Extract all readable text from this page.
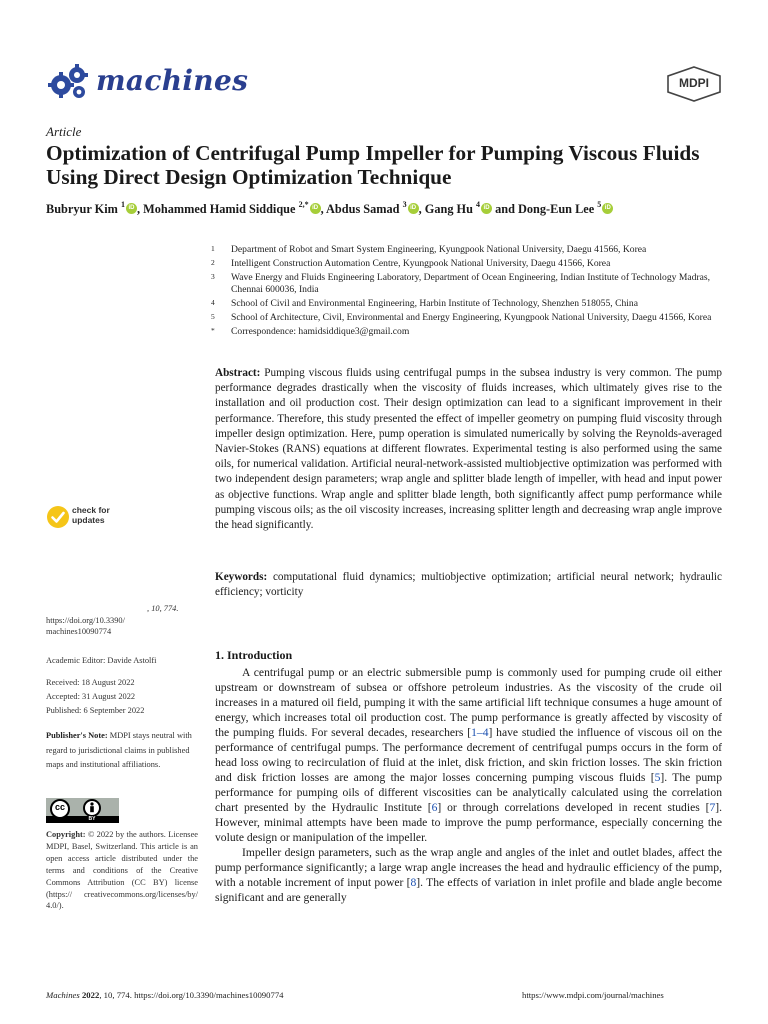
machines	MDPI
Article
Optimization of Centrifugal Pump Impeller for Pumping Viscous Fluids Using Direct Design Optimization Technique
Bubryur Kim $^1$ iD , Mohammed Hamid Siddique $^{2,*}$ iD , Abdus Samad $^3$ iD , Gang Hu $^4$iD and Dong-Eun Lee $^5$iD
1	Department of Robot and Smart System Engineering, Kyungpook National University, Daegu 41566, Korea
2	Intelligent Construction Automation Centre, Kyungpook National University, Daegu 41566, Korea
3	Wave Energy and Fluids Engineering Laboratory, Department of Ocean Engineering, Indian Institute of Technology Madras, Chennai 600036, India
4	School of Civil and Environmental Engineering, Harbin Institute of Technology, Shenzhen 518055, China
5	School of Architecture, Civil, Environmental and Energy Engineering, Kyungpook National University, Daegu 41566, Korea
*	Correspondence: hamidsiddique3@gmail.com
Abstract: Pumping viscous fluids using centrifugal pumps in the subsea industry is very common. The pump performance degrades drastically when the viscosity of fluids increases, which ultimately gives rise to the installation and oil production cost. Their design optimization can lead to a significant improvement in their performance. Therefore, this study presented the effect of impeller geometry on pumping fluid viscosity through impeller design optimization. Here, pump operation is simulated numerically by solving the Reynolds-averaged Navier-Stokes (RANS) equations at different flowrates. Experimental testing is also performed using the same oils, for numerical validation. Artificial neural-network-assisted multiobjective optimization was performed with two independent design parameters; wrap angle and splitter blade length of impeller, with head and input power as objective functions. Wrap angle and splitter blade length, both significantly affect pump performance while pumping viscous oils; as the oil viscosity increases, increasing splitter length and decreasing wrap angle improve the head significantly.
Keywords: computational fluid dynamics; multiobjective optimization; artificial neural network; hydraulic efficiency; vorticity
check for
updates
, 10, 774.
https://doi.org/10.3390/
machines10090774
Academic Editor: Davide Astolfi
Received: 18 August 2022
Accepted: 31 August 2022
Published: 6 September 2022
Publisher's Note: MDPI stays neutral with regard to jurisdictional claims in published maps and institutional affiliations.
cc
BY
Copyright: © 2022 by the authors. Licensee MDPI, Basel, Switzerland. This article is an open access article distributed under the terms and conditions of the Creative Commons Attribution (CC BY) license (https:// creativecommons.org/licenses/by/ 4.0/).
1. Introduction

A centrifugal pump or an electric submersible pump is commonly used for pumping crude oil either upstream or downstream of subsea or offshore petroleum industries. As the viscosity of the crude oil increases in a matured oil field, pumping it with the same artificial lift technique consumes a huge amount of energy, which increases total oil production cost. The pump performance is greatly affected by viscosity of the pumping fluids. For several decades, researchers [1–4] have studied the influence of viscous oil on the performance of centrifugal pumps. The performance decrement of centrifugal pumps occurs in the form of head loss owing to recirculation of fluid at the inlet, disk friction, and skin friction losses. The skin friction and disk friction losses are among the major losses concerning pumping viscous fluids [5]. The pump performance for pumping oils of different viscosities can be analytically calculated using the correlation chart presented by the Hydraulic Institute [6] or through correlations developed in recent studies [7]. However, minimal attempts have been made to improve the pump performance, especially concerning the volute design or manipulation of the impeller.

Impeller design parameters, such as the wrap angle and angles of the inlet and outlet blades, affect the pump performance significantly; a large wrap angle increases the head and hydraulic efficiency of the pump, with a notable increment of input power [8]. The effects of variation in inlet profile and blade angle become significant and are generally

Machines 2022, 10, 774. https://doi.org/10.3390/machines10090774	https://www.mdpi.com/journal/machines
